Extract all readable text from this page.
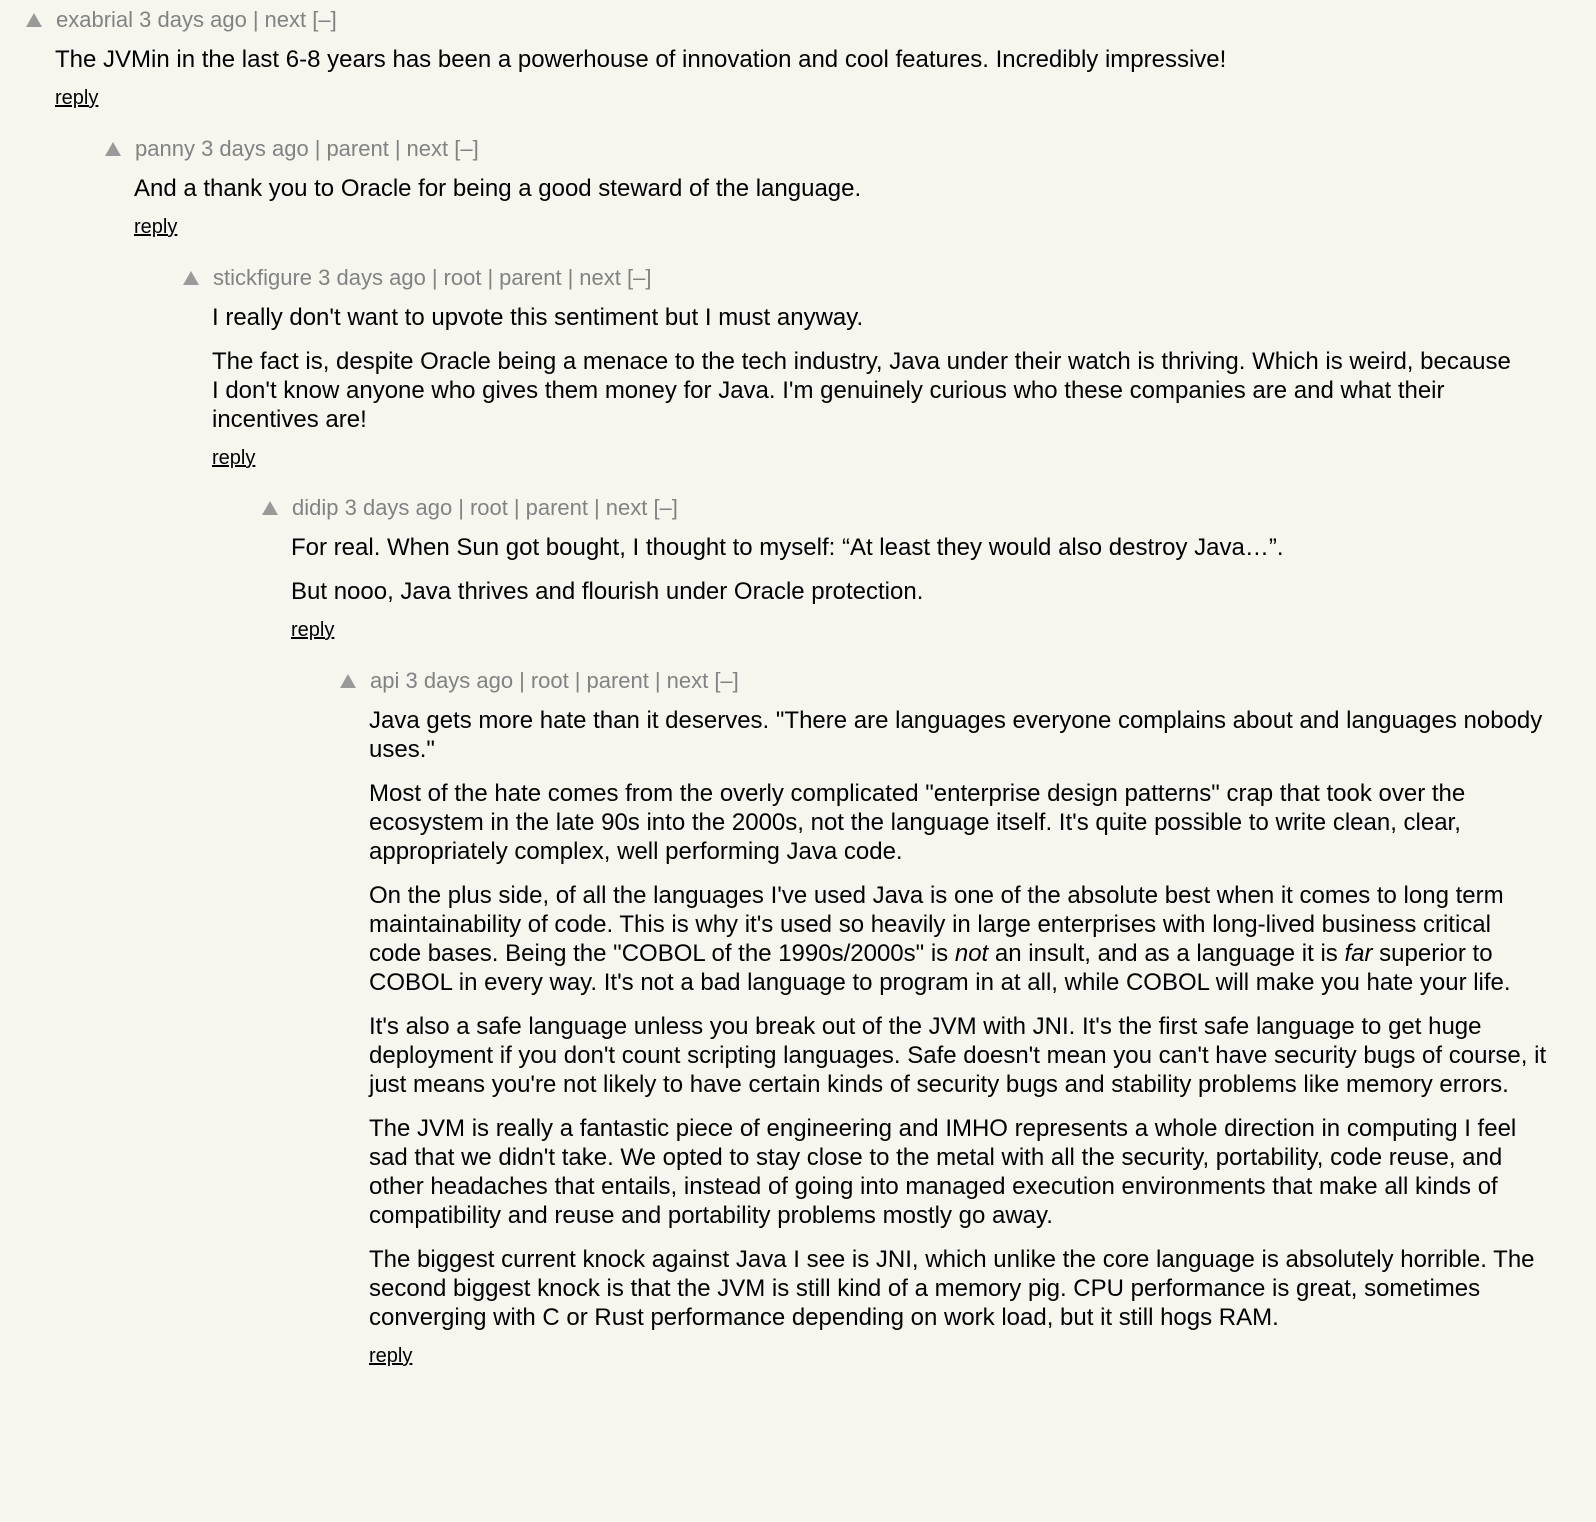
exabrial
3 days ago | next
[–]

The JVMin in the last 6-8 years has been a powerhouse of innovation and cool features. Incredibly impressive!

reply
panny
3 days ago | parent | next
[–]

And a thank you to Oracle for being a good steward of the language.

reply
stickfigure
3 days ago | root | parent | next
[–]

I really don't want to upvote this sentiment but I must anyway.

The fact is, despite Oracle being a menace to the tech industry, Java under their watch is thriving. Which is weird, because I don't know anyone who gives them money for Java. I'm genuinely curious who these companies are and what their incentives are!

reply
didip
3 days ago | root | parent | next
[–]

For real. When Sun got bought, I thought to myself: “At least they would also destroy Java…”.

But nooo, Java thrives and flourish under Oracle protection.

reply
api
3 days ago | root | parent | next
[–]

Java gets more hate than it deserves. "There are languages everyone complains about and languages nobody uses."

Most of the hate comes from the overly complicated "enterprise design patterns" crap that took over the ecosystem in the late 90s into the 2000s, not the language itself. It's quite possible to write clean, clear, appropriately complex, well performing Java code.

On the plus side, of all the languages I've used Java is one of the absolute best when it comes to long term maintainability of code. This is why it's used so heavily in large enterprises with long-lived business critical code bases. Being the "COBOL of the 1990s/2000s" is not an insult, and as a language it is far superior to COBOL in every way. It's not a bad language to program in at all, while COBOL will make you hate your life.

It's also a safe language unless you break out of the JVM with JNI. It's the first safe language to get huge deployment if you don't count scripting languages. Safe doesn't mean you can't have security bugs of course, it just means you're not likely to have certain kinds of security bugs and stability problems like memory errors.

The JVM is really a fantastic piece of engineering and IMHO represents a whole direction in computing I feel sad that we didn't take. We opted to stay close to the metal with all the security, portability, code reuse, and other headaches that entails, instead of going into managed execution environments that make all kinds of compatibility and reuse and portability problems mostly go away.

The biggest current knock against Java I see is JNI, which unlike the core language is absolutely horrible. The second biggest knock is that the JVM is still kind of a memory pig. CPU performance is great, sometimes converging with C or Rust performance depending on work load, but it still hogs RAM.

reply
